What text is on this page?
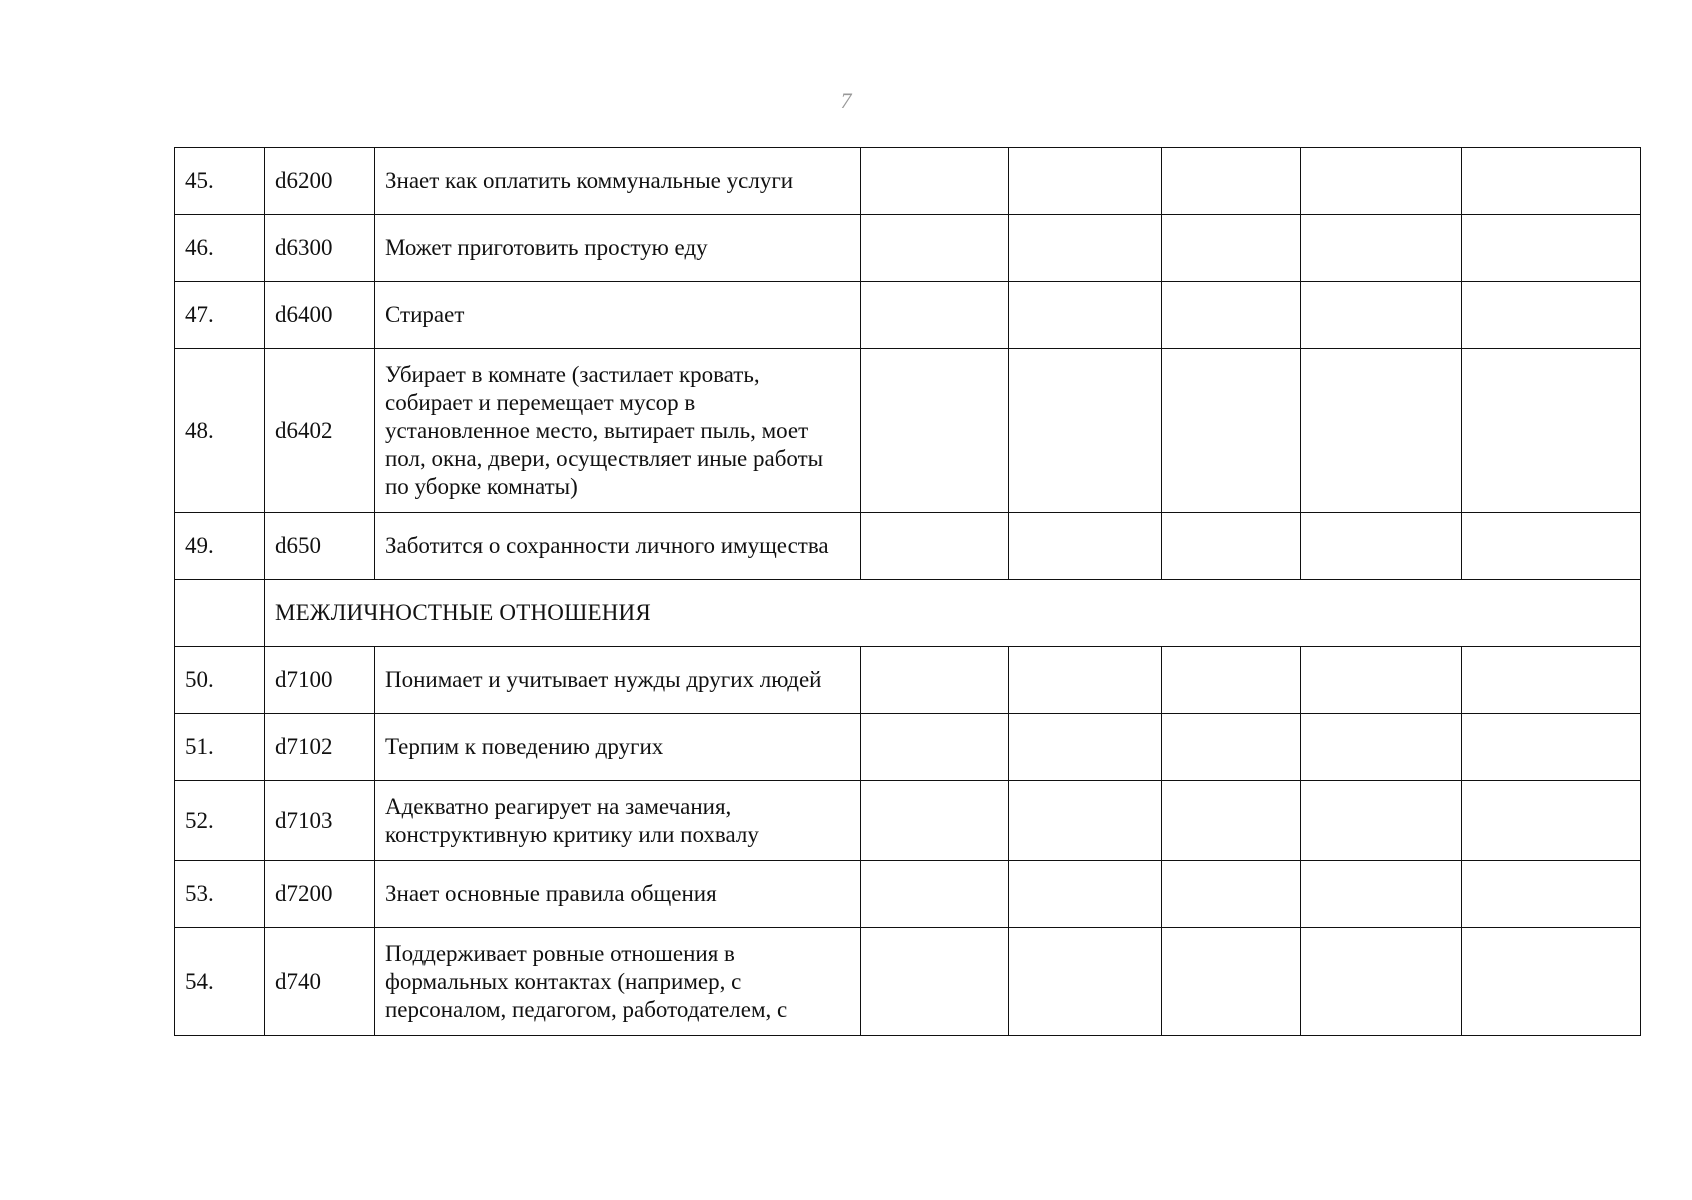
7
45.	d6200	Знает как оплатить коммунальные услуги					

46.	d6300	Может приготовить простую еду					

47.	d6400	Стирает					

48.	d6402	Убирает в комнате (застилает кровать,
собирает и перемещает мусор в
установленное место, вытирает пыль, моет
пол, окна, двери, осуществляет иные работы
по уборке комнаты)					

49.	d650	Заботится о сохранности личного имущества					

	МЕЖЛИЧНОСТНЫЕ ОТНОШЕНИЯ						
50.	d7100	Понимает и учитывает нужды других людей					

51.	d7102	Терпим к поведению других					

52.	d7103	Адекватно реагирует на замечания,
конструктивную критику или похвалу					

53.	d7200	Знает основные правила общения					

54.	d740	Поддерживает ровные отношения в
формальных контактах (например, с
персоналом, педагогом, работодателем, с					
